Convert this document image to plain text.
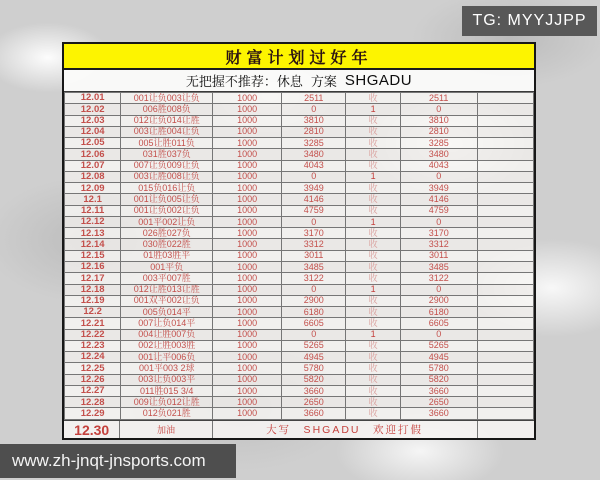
财富计划过好年
无把握不推荐：休息 方案 SHGADU
12.01	001让负003让负	1000	2511	收	2511	
12.02	006胜008负	1000	0	1	0	
12.03	012让负014让胜	1000	3810	收	3810	
12.04	003让胜004让负	1000	2810	收	2810	
12.05	005让胜011负	1000	3285	收	3285	
12.06	031胜037负	1000	3480	收	3480	
12.07	007让负009让负	1000	4043	收	4043	
12.08	003让胜008让负	1000	0	1	0	
12.09	015负016让负	1000	3949	收	3949	
12.1	001让负005让负	1000	4146	收	4146	
12.11	001让负002让负	1000	4759	收	4759	
12.12	001平002让负	1000	0	1	0	
12.13	026胜027负	1000	3170	收	3170	
12.14	030胜022胜	1000	3312	收	3312	
12.15	01胜03胜平	1000	3011	收	3011	
12.16	001平负	1000	3485	收	3485	
12.17	003平007胜	1000	3122	收	3122	
12.18	012让胜013让胜	1000	0	1	0	
12.19	001双平002让负	1000	2900	收	2900	
12.2	005负014平	1000	6180	收	6180	
12.21	007让负014平	1000	6605	收	6605	
12.22	004让胜007负	1000	0	1	0	
12.23	002让胜003胜	1000	5265	收	5265	
12.24	001让平006负	1000	4945	收	4945	
12.25	001平003 2球	1000	5780	收	5780	
12.26	003让负003平	1000	5820	收	5820	
12.27	011胜015 3/4	1000	3660	收	3660	
12.28	009让负012让胜	1000	2650	收	2650	
12.29	012负021胜	1000	3660	收	3660	
12.30	加油	大写　SHGADU　欢迎打假
TG: MYYJJPP
www.zh-jnqt-jnsports.com
